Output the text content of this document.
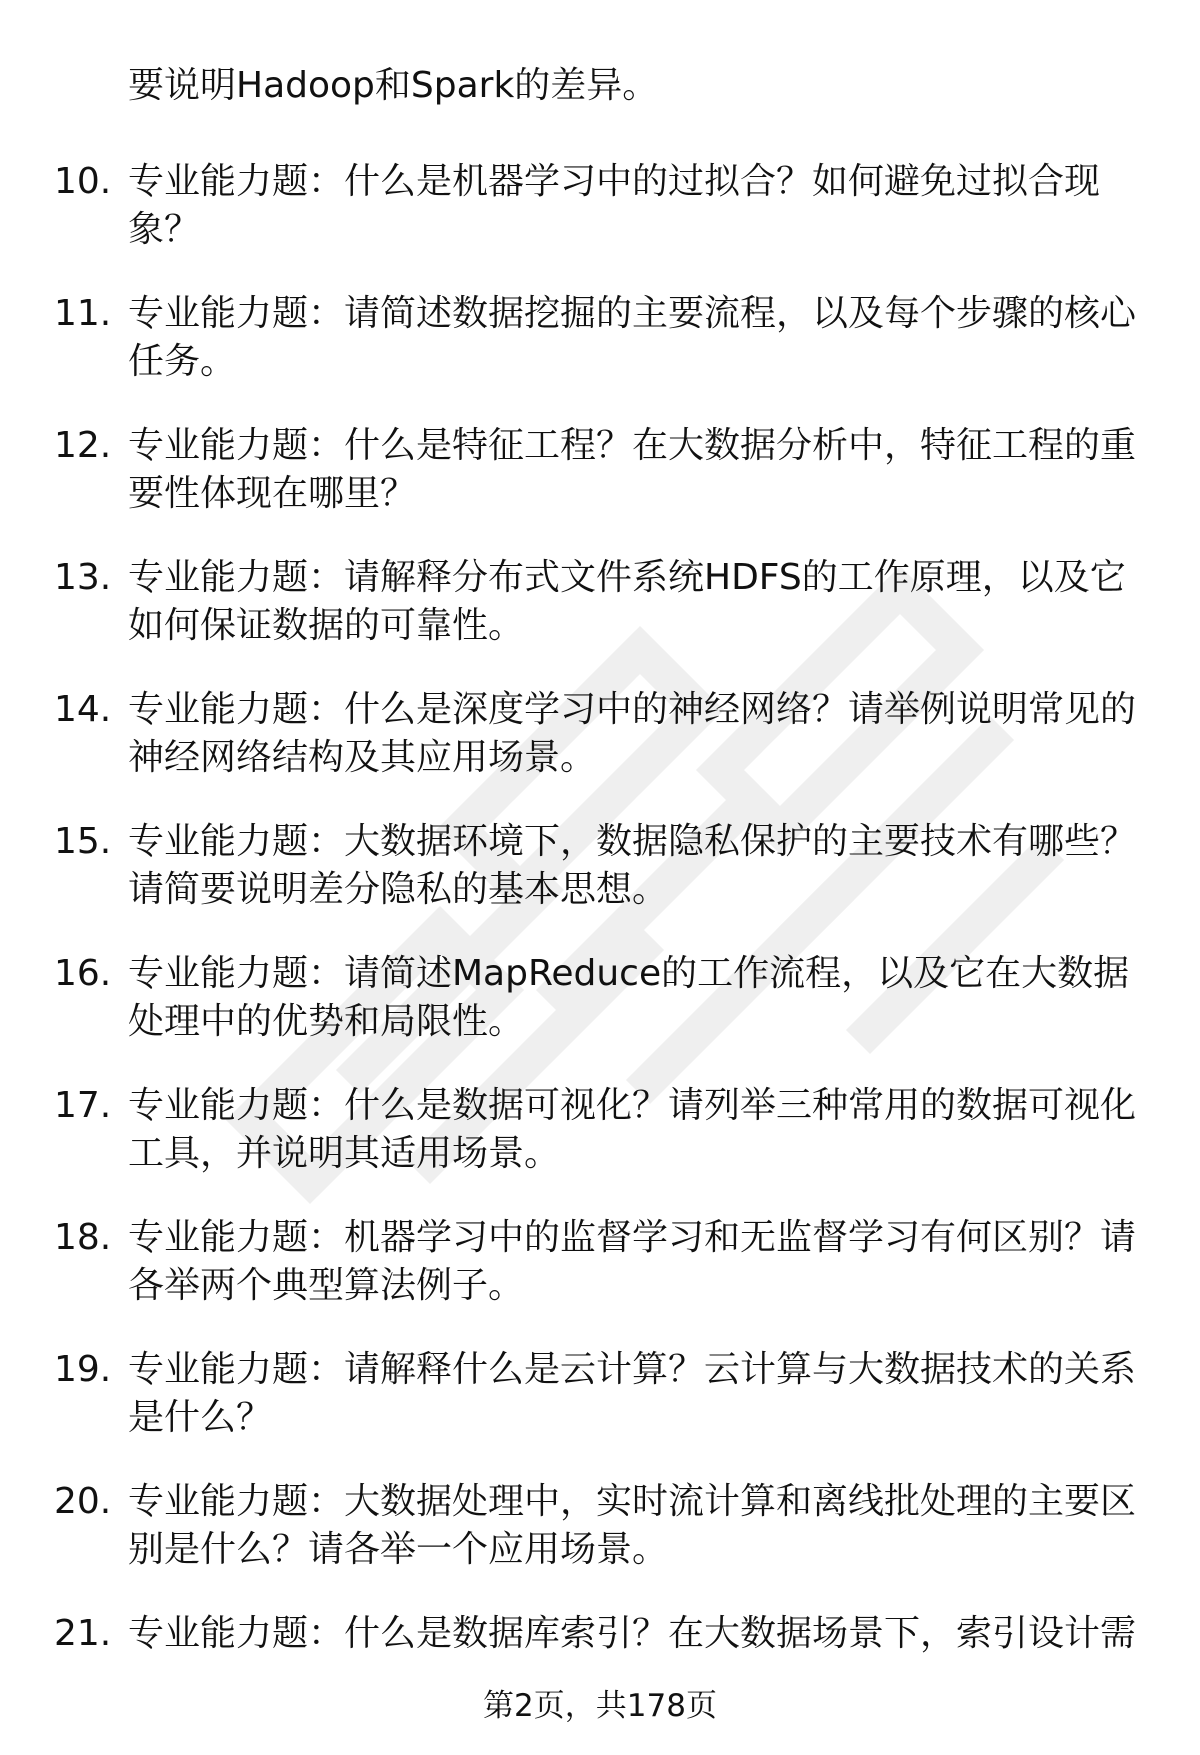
要说明Hadoop和Spark的差异。
10. 专业能力题：什么是机器学习中的过拟合？如何避免过拟合现
象？
11. 专业能力题：请简述数据挖掘的主要流程，以及每个步骤的核心
任务。
12. 专业能力题：什么是特征工程？在大数据分析中，特征工程的重
要性体现在哪里？
13. 专业能力题：请解释分布式文件系统HDFS的工作原理，以及它
如何保证数据的可靠性。
14. 专业能力题：什么是深度学习中的神经网络？请举例说明常见的
神经网络结构及其应用场景。
15. 专业能力题：大数据环境下，数据隐私保护的主要技术有哪些？
请简要说明差分隐私的基本思想。
16. 专业能力题：请简述MapReduce的工作流程，以及它在大数据
处理中的优势和局限性。
17. 专业能力题：什么是数据可视化？请列举三种常用的数据可视化
工具，并说明其适用场景。
18. 专业能力题：机器学习中的监督学习和无监督学习有何区别？请
各举两个典型算法例子。
19. 专业能力题：请解释什么是云计算？云计算与大数据技术的关系
是什么？
20. 专业能力题：大数据处理中，实时流计算和离线批处理的主要区
别是什么？请各举一个应用场景。
21. 专业能力题：什么是数据库索引？在大数据场景下，索引设计需
第2页，共178页
